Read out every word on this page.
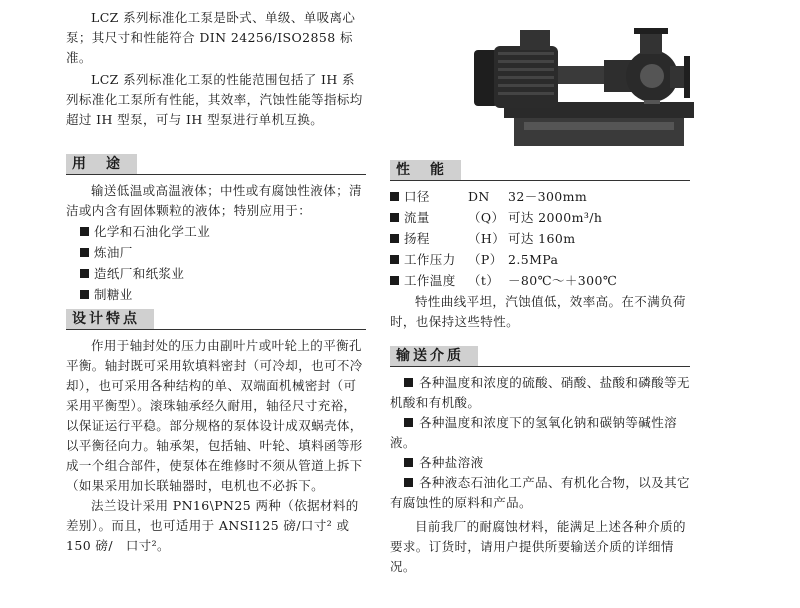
LCZ 系列标准化工泵是卧式、单级、单吸离心泵；其尺寸和性能符合 DIN 24256/ISO2858 标准。

LCZ 系列标准化工泵的性能范围包括了 IH 系列标准化工泵所有性能，其效率，汽蚀性能等指标均超过 IH 型泵，可与 IH 型泵进行单机互换。

用　途

输送低温或高温液体；中性或有腐蚀性液体；清洁或内含有固体颗粒的液体；特别应用于：

化学和石油化学工业
炼油厂
造纸厂和纸浆业
制糖业
设计特点

作用于轴封处的压力由副叶片或叶轮上的平衡孔平衡。轴封既可采用软填料密封（可冷却，也可不冷却），也可采用各种结构的单、双端面机械密封（可采用平衡型）。滚珠轴承经久耐用，轴径尺寸充裕，以保证运行平稳。部分规格的泵体设计成双蜗壳体，以平衡径向力。轴承架，包括轴、叶轮、填料函等形成一个组合部件，使泵体在维修时不须从管道上拆下（如果采用加长联轴器时，电机也不必拆下。

法兰设计采用 PN16\PN25 两种（依据材料的差别）。而且，也可适用于 ANSI125 磅/口寸² 或 150 磅/　口寸²。

性　能
口径	DN	32－300mm
流量	（Q） 可达 2000m³/h
扬程	（H） 可达 160m
工作压力 （P） 2.5MPa
工作温度 （t） －80℃～＋300℃

特性曲线平坦，汽蚀值低，效率高。在不满负荷时，也保持这些特性。

输送介质

各种温度和浓度的硫酸、硝酸、盐酸和磷酸等无机酸和有机酸。

各种温度和浓度下的氢氧化钠和碳钠等碱性溶液。

各种盐溶液

各种液态石油化工产品、有机化合物，以及其它有腐蚀性的原料和产品。

目前我厂的耐腐蚀材料，能满足上述各种介质的要求。订货时，请用户提供所要输送介质的详细情况。
